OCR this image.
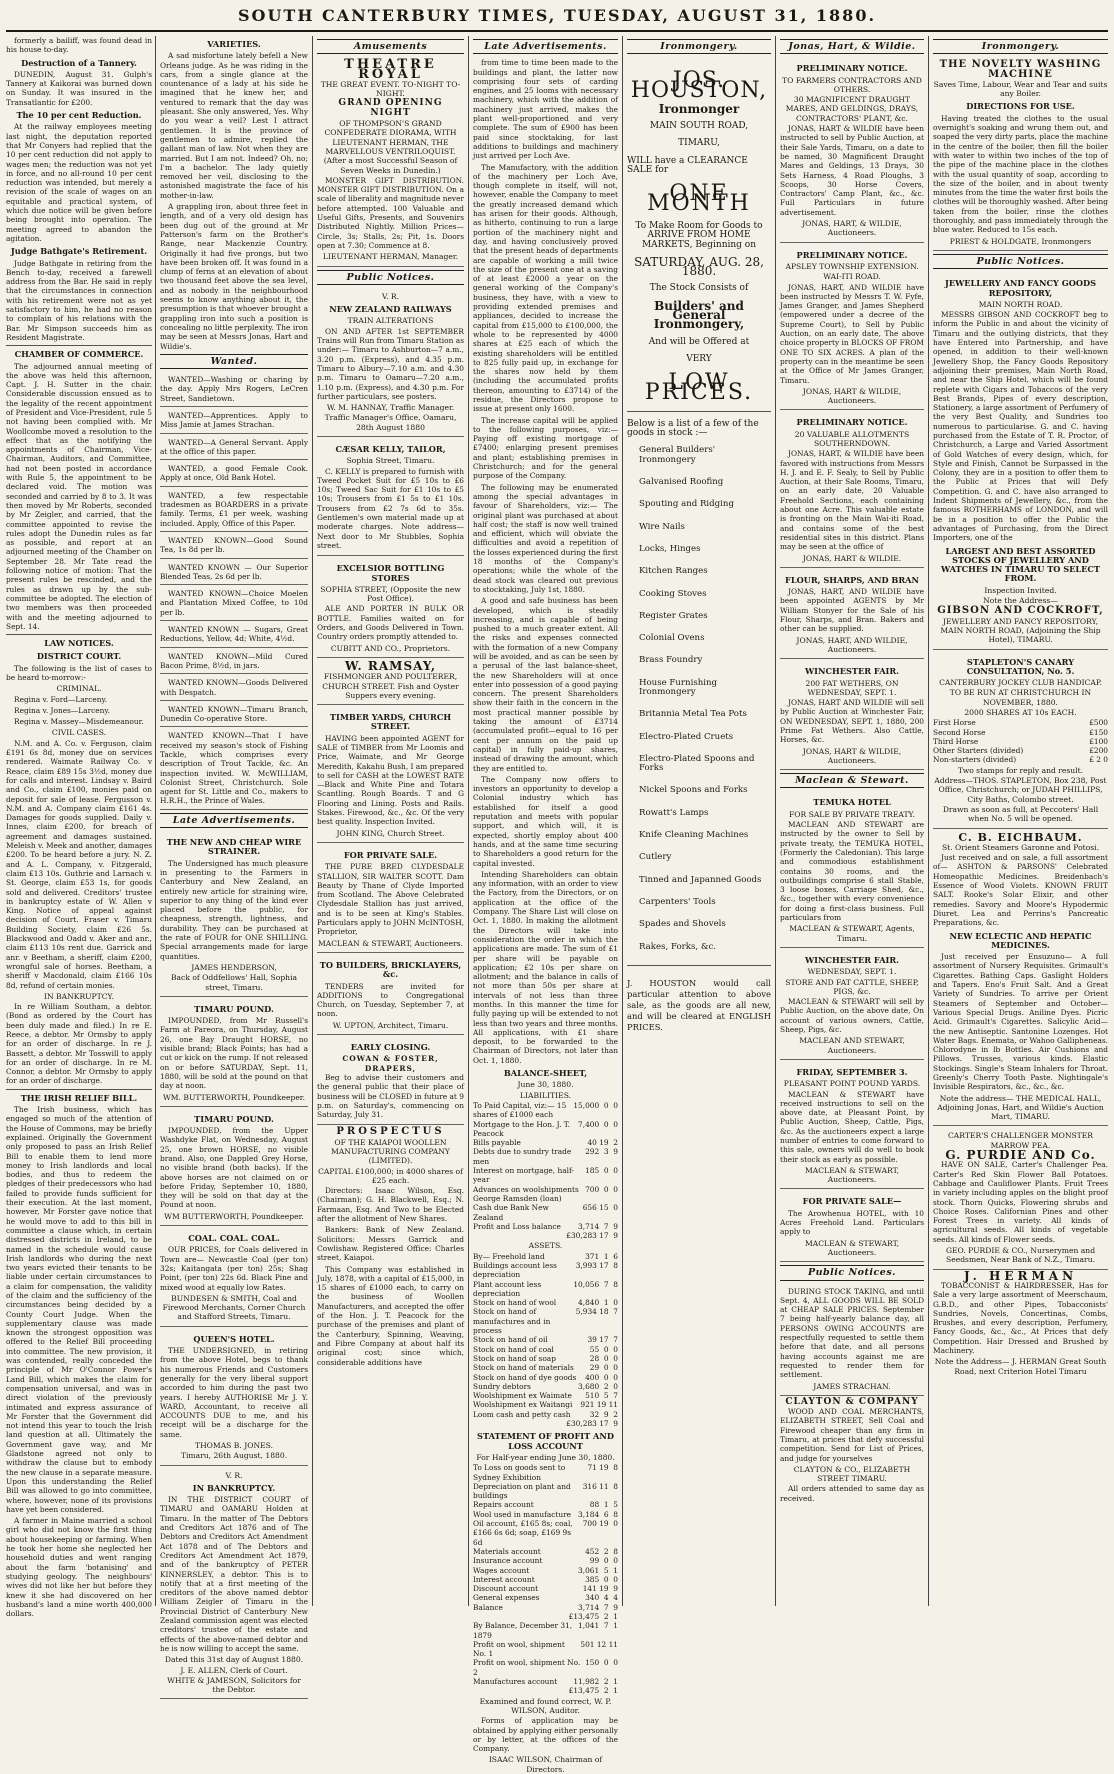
SOUTH CANTERBURY TIMES, TUESDAY, AUGUST 31, 1880.
formerly a bailiff, was found dead in his house to-day.
Destruction of a Tannery.
DUNEDIN, August 31. Gulph's Tannery at Kaikorai was burned down on Sunday. It was insured in the Transatlantic for £200.
The 10 per cent Reduction.
At the railway employees meeting last night, the deputation reported that Mr Conyers had replied that the 10 per cent reduction did not apply to wages men; the reduction was not yet in force, and no all-round 10 per cent reduction was intended, but merely a revision of the scale of wages on an equitable and practical system, of which due notice will be given before being brought into operation. The meeting agreed to abandon the agitation.
Judge Bathgate's Retirement.
Judge Bathgate in retiring from the Bench to-day, received a farewell address from the Bar. He said in reply that the circumstances in connection with his retirement were not as yet satisfactory to him, he had no reason to complain of his relations with the Bar. Mr Simpson succeeds him as Resident Magistrate.
CHAMBER OF COMMERCE.
The adjourned annual meeting of the above was held this afternoon, Capt. J. H. Sutter in the chair. Considerable discussion ensued as to the legality of the recent appointment of President and Vice-President, rule 5 not having been complied with. Mr Woollcombe moved a resolution to the effect that as the notifying the appointments of Chairman, Vice-Chairman, Auditors, and Committee, had not been posted in accordance with Rule 5, the appointment to be declared void. The motion was seconded and carried by 8 to 3. It was then moved by Mr Roberts, seconded by Mr Zeigler, and carried, that the committee appointed to revise the rules adopt the Dunedin rules as far as possible, and report at an adjourned meeting of the Chamber on September 28. Mr Tate read the following notice of motion: That the present rules be rescinded, and the rules as drawn up by the sub-committee be adopted. The election of two members was then proceeded with and the meeting adjourned to Sept. 14.
LAW NOTICES.
DISTRICT COURT.
The following is the list of cases to be heard to-morrow:-
CRIMINAL.
Regina v. Ford—Larceny.
Regina v. Jones—Larceny.
Regina v. Massey—Misdemeanour.
CIVIL CASES.
N.M. and A. Co. v. Ferguson, claim £191 6s 8d, money due on services rendered. Waimate Railway Co. v Reace, claim £89 15s 3½d, money due for calls and interest. Lindsay v. Baird and Co., claim £100, monies paid on deposit for sale of lease. Fergusson v. N.M. and A. Company claim £161 4s. Damages for goods supplied. Daily v. Innes, claim £200, for breach of agreement and damages sustained. Meleish v. Meek and another, damages £200. To be heard before a jury. N. Z. and A. L. Company, v. Fitzgerald, claim £13 10s. Guthrie and Larnach v. St. George, claim £53 1s, for goods sold and delivered. Creditors' trustee in bankruptcy estate of W. Allen v King. Notice of appeal against decision of Court. Fraser v. Timaru Building Society, claim £26 5s. Blackwood and Oadd v. Aker and anr., claim £113 10s rent due. Garrick and anr. v Beetham, a sheriff, claim £200, wrongful sale of horses. Beetham, a sheriff v Macdonald, claim £166 10s 8d, refund of certain monies.
IN BANKRUPTCY.
In re William Southam, a debtor. (Bond as ordered by the Court has been duly made and filed.) In re E. Reece, a debtor. Mr Ormsby to apply for an order of discharge. In re J. Bassett, a debtor. Mr Tosswill to apply for an order of discharge. In re M. Connor, a debtor. Mr Ormsby to apply for an order of discharge.
THE IRISH RELIEF BILL.
The Irish business, which has engaged so much of the attention of the House of Commons, may be briefly explained. Originally the Government only proposed to pass an Irish Relief Bill to enable them to lend more money to Irish landlords and local bodies, and thus to redeem the pledges of their predecessors who had failed to provide funds sufficient for their execution. At the last moment, however, Mr Forster gave notice that he would move to add to this bill in committee a clause which, in certain distressed districts in Ireland, to be named in the schedule would cause Irish landlords who during the next two years evicted their tenants to be liable under certain circumstances to a claim for compensation, the validity of the claim and the sufficiency of the circumstances being decided by a County Court Judge. When the supplementary clause was made known the strongest opposition was offered to the Relief Bill proceeding into committee. The new provision, it was contended, really conceded the principle of Mr O'Connor Power's Land Bill, which makes the claim for compensation universal, and was in direct violation of the previously intimated and express assurance of Mr Forster that the Government did not intend this year to touch the Irish land question at all. Ultimately the Government gave way, and Mr Gladstone agreed not only to withdraw the clause but to embody the new clause in a separate measure. Upon this understanding the Relief Bill was allowed to go into committee, where, however, none of its provisions have yet been considered.
A farmer in Maine married a school girl who did not know the first thing about housekeeping or farming. When he took her home she neglected her household duties and went ranging about the farm 'botanising' and studying geology. The neighbours' wives did not like her but before they knew it she had discovered on her husband's land a mine worth 400,000 dollars.
VARIETIES.
A sad misfortune lately befell a New Orleans judge. As he was riding in the cars, from a single glance at the countenance of a lady at his side he imagined that he knew her, and ventured to remark that the day was pleasant. She only answered, Yes. Why do you wear a veil? Lest I attract gentlemen. It is the province of gentlemen to admire, replied the gallant man of law. Not when they are married. But I am not. Indeed? Oh, no; I'm a bachelor. The lady quietly removed her veil, disclosing to the astonished magistrate the face of his mother-in-law.
A grappling iron, about three feet in length, and of a very old design has been dug out of the ground at Mr Patterson's farm on the Brother's Range, near Mackenzie Country. Originally it had five prongs, but two have been broken off. It was found in a clump of ferns at an elevation of about two thousand feet above the sea level, and as nobody in the neighbourhood seems to know anything about it, the presumption is that whoever brought a grappling iron into such a position is concealing no little perplexity. The iron may be seen at Messrs Jonas, Hart and Wildie's.
Wanted.
WANTED—Washing or charing by the day. Apply Mrs Rogers, LeCren Street, Sandietown.
WANTED—Apprentices. Apply to Miss Jamie at James Strachan.
WANTED—A General Servant. Apply at the office of this paper.
WANTED, a good Female Cook. Apply at once, Old Bank Hotel.
WANTED, a few respectable tradesmen as BOARDERS in a private family. Terms, £1 per week, washing included. Apply, Office of this Paper.
WANTED KNOWN—Good Sound Tea, 1s 8d per lb.
WANTED KNOWN — Our Superior Blended Teas, 2s 6d per lb.
WANTED KNOWN—Choice Moelen and Plantation Mixed Coffee, to 10d per lb.
WANTED KNOWN — Sugars, Great Reductions, Yellow, 4d; White, 4½d.
WANTED KNOWN—Mild Cured Bacon Prime, 8½d, in jars.
WANTED KNOWN—Goods Delivered with Despatch.
WANTED KNOWN—Timaru Branch, Dunedin Co-operative Store.
WANTED KNOWN—That I have received my season's stock of Fishing Tackle, which comprises every description of Trout Tackle, &c. An inspection invited. W. McWILLIAM, Colonist Street, Christchurch. Sole agent for St. Little and Co., makers to H.R.H., the Prince of Wales.
Late Advertisements.
THE NEW AND CHEAP WIRE STRAINER.
The Undersigned has much pleasure in presenting to the Farmers in Canterbury and New Zealand, an entirely new article for straining wire, superior to any thing of the kind ever placed before the public, for cheapness, strength, lightness, and durability. They can be purchased at the rate of FOUR for ONE SHILLING. Special arrangements made for large quantities.
JAMES HENDERSON,
Back of Oddfellows' Hall, Sophia street, Timaru.
TIMARU POUND.
IMPOUNDED, from Mr Russell's Farm at Pareora, on Thursday, August 26, one Bay Draught HORSE, no visible brand; Black Points; has had a cut or kick on the rump. If not released on or before SATURDAY, Sept. 11, 1880, will be sold at the pound on that day at noon.
WM. BUTTERWORTH, Poundkeeper.
TIMARU POUND.
IMPOUNDED, from the Upper Washdyke Flat, on Wednesday, August 25, one brown HORSE, no visible brand. Also, one Dappled Grey Horse, no visible brand (both backs). If the above horses are not claimed on or before Friday, September 10, 1880, they will be sold on that day at the Pound at noon.
WM BUTTERWORTH, Poundkeeper.
COAL. COAL. COAL.
OUR PRICES, for Coals delivered in Town are— Newcastle Coal (per ton) 32s; Kaitangata (per ton) 25s; Shag Point, (per ton) 22s 6d. Black Pine and mixed wood at equally low Rates.
BUNDESEN & SMITH, Coal and Firewood Merchants, Corner Church and Stafford Streets, Timaru.
QUEEN'S HOTEL.
THE UNDERSIGNED, in retiring from the above Hotel, begs to thank his numerous Friends and Customers generally for the very liberal support accorded to him during the past two years. I hereby AUTHORISE Mr J. Y. WARD, Accountant, to receive all ACCOUNTS DUE to me, and his receipt will be a discharge for the same.
THOMAS B. JONES.
Timaru, 26th August, 1880.
V. R.
IN BANKRUPTCY.
IN THE DISTRICT COURT of TIMARU and OAMARU Holden at Timaru. In the matter of The Debtors and Creditors Act 1876 and of The Debtors and Creditors Act Amendment Act 1878 and of The Debtors and Creditors Act Amendment Act 1879, and of the bankruptcy of PETER KINNERSLEY, a debtor. This is to notify that at a first meeting of the creditors of the above named debtor William Zeigler of Timaru in the Provincial District of Canterbury New Zealand commission agent was elected creditors' trustee of the estate and effects of the above-named debtor and he is now willing to accept the same.
Dated this 31st day of August 1880.
J. E. ALLEN, Clerk of Court.
WHITE & JAMESON, Solicitors for the Debtor.
Amusements
THEATRE ROYAL
THE GREAT EVENT. TO-NIGHT TO-NIGHT.
GRAND OPENING NIGHT
OF THOMPSON'S GRAND CONFEDERATE DIORAMA, WITH LIEUTENANT HERMAN, THE MARVELLOUS VENTRILOQUIST. (After a most Successful Season of Seven Weeks in Dunedin.)
MONSTER GIFT DISTRIBUTION. MONSTER GIFT DISTRIBUTION. On a scale of liberality and magnitude never before attempted. 100 Valuable and Useful Gifts, Presents, and Souvenirs Distributed Nightly. Million Prices—Circle, 3s; Stalls, 2s; Pit, 1s. Doors open at 7.30; Commence at 8.
LIEUTENANT HERMAN, Manager.
Public Notices.
V. R.
NEW ZEALAND RAILWAYS
TRAIN ALTERATIONS
ON AND AFTER 1st SEPTEMBER Trains will Run from Timaru Station as under:— Timaru to Ashburton—7 a.m., 3.20 p.m. (Express), and 4.35 p.m. Timaru to Albury—7.10 a.m. and 4.30 p.m. Timaru to Oamaru—7.20 a.m., 1.10 p.m. (Express), and 4.30 p.m. For further particulars, see posters.
W. M. HANNAY, Traffic Manager.
Traffic Manager's Office, Oamaru, 28th August 1880
CÆSAR KELLY, TAILOR,
Sophia Street, Timaru.
C. KELLY is prepared to furnish with Tweed Pocket Suit for £5 10s to £6 10s; Tweed Sac Suit for £1 10s to £5 10s; Trousers from £1 5s to £1 10s. Trousers from £2 7s 6d to 35s. Gentlemen's own material made up at moderate charges. Note address—Next door to Mr Stubbles, Sophia street.
EXCELSIOR BOTTLING STORES
SOPHIA STREET, (Opposite the new Post Office).
ALE AND PORTER IN BULK OR BOTTLE. Families waited on for Orders, and Goods Delivered in Town. Country orders promptly attended to.
CUBITT AND CO., Proprietors.
W. RAMSAY,
FISHMONGER AND POULTERER, CHURCH STREET. Fish and Oyster Suppers every evening.
TIMBER YARDS, CHURCH STREET.
HAVING been appointed AGENT for SALE of TIMBER from Mr Loomis and Price, Waimate, and Mr George Meredith, Kakahu Bush, I am prepared to sell for CASH at the LOWEST RATE—Black and White Pine and Totara Scantling. Rough Boards. T and G Flooring and Lining. Posts and Rails. Stakes. Firewood, &c., &c. Of the very best quality. Inspection Invited.
JOHN KING, Church Street.
FOR PRIVATE SALE.
THE PURE BRED CLYDESDALE STALLION, SIR WALTER SCOTT. Dam Beauty by Thane of Clyde Imported from Scotland. The Above Celebrated Clydesdale Stallion has just arrived, and is to be seen at King's Stables. Particulars apply to JOHN McINTOSH, Proprietor,
MACLEAN & STEWART, Auctioneers.
TO BUILDERS, BRICKLAYERS, &c.
TENDERS are invited for ADDITIONS to Congregational Church, on Tuesday, September 7, at noon.
W. UPTON, Architect, Timaru.
EARLY CLOSING.
COWAN & FOSTER, DRAPERS,
Beg to advise their customers and the general public that their place of business will be CLOSED in future at 9 p.m. on Saturday's, commencing on Saturday, July 31.
PROSPECTUS
OF THE KAIAPOI WOOLLEN MANUFACTURING COMPANY (LIMITED).
CAPITAL £100,000; in 4000 shares of £25 each.
Directors: Isaac Wilson, Esq. (Chairman); G. H. Blackwell, Esq.; N. Farmaan, Esq. And Two to be Elected after the allotment of New Shares.
Bankers: Bank of New Zealand. Solicitors: Messrs Garrick and Cowlishaw. Registered Office: Charles street, Kaiapoi.
This Company was established in July, 1878, with a capital of £15,000, in 15 shares of £1000 each, to carry on the business of Woollen Manufacturers, and accepted the offer of the Hon. J. T. Peacock for the purchase of the premises and plant of the Canterbury, Spinning, Weaving, and Fibre Company at about half its original cost; since which, considerable additions have
Late Advertisements.
from time to time been made to the buildings and plant, the latter now comprising four sets of carding engines, and 25 looms with necessary machinery, which with the addition of machinery just arrived, makes the plant well-proportioned and very complete. The sum of £900 has been paid since stocktaking, for last additions to buildings and machinery just arrived per Loch Ave.
The Manufactory, with the addition of the machinery per Loch Ave, though complete in itself, will not, however, enable the Company to meet the greatly increased demand which has arisen for their goods. Although, as hitherto, continuing to run a large portion of the machinery night and day, and having conclusively proved that the present heads of departments are capable of working a mill twice the size of the present one at a saving of at least £2000 a year on the general working of the Company's business, they have, with a view to providing extended premises and appliances, decided to increase the capital from £15,000 to £100,000, the whole to be represented by 4000 shares at £25 each of which the existing shareholders will be entitled to 825 fully paid up, in exchange for the shares now held by them (including the accumulated profits thereon, amounting to £3714) of the residue, the Directors propose to issue at present only 1600.
The increase capital will be applied to the following purposes, viz:— Paying off existing mortgage of £7400; enlarging present premises and plant; establishing premises in Christchurch; and for the general purpose of the Company.
The following may be enumerated among the special advantages in favour of Shareholders, viz:— The original plant was purchased at about half cost; the staff is now well trained and efficient, which will obviate the difficulties and avoid a repetition of the losses experienced during the first 18 months of the Company's operations; while the whole of the dead stock was cleared out previous to stocktaking, July 1st, 1880.
A good and safe business has been developed, which is steadily increasing, and is capable of being pushed to a much greater extent. All the risks and expenses connected with the formation of a new Company will be avoided, and as can be seen by a perusal of the last balance-sheet, the new Shareholders will at once enter into possession of a good paying concern. The present Shareholders show their faith in the concern in the most practical manner possible by taking the amount of £3714 (accumulated profit—equal to 16 per cent per annum on the paid up capital) in fully paid-up shares, instead of drawing the amount, which they are entitled to.
The Company now offers to investors an opportunity to develop a Colonial industry which has established for itself a good reputation and meets with popular support, and which will, it is expected, shortly employ about 400 hands, and at the same time securing to Shareholders a good return for the capital invested.
Intending Shareholders can obtain any information, with an order to view the Factory, from the Directors, or on application at the office of the Company. The Share List will close on Oct. 1, 1880. In making the allotment the Directors will take into consideration the order in which the applications are made. The sum of £1 per share will be payable on application; £2 10s per share on allotment; and the balance in calls of not more than 50s per share at intervals of not less than three months. In this manner the time for fully paying up will be extended to not less than two years and three months. All applications, with £1 share deposit, to be forwarded to the Chairman of Directors, not later than Oct. 1, 1880.
BALANCE-SHEET,
June 30, 1880.
LIABILITIES.
To Paid Capital, viz:— 15 shares of £1000 each
15,000  0  0
Mortgage to the Hon. J. T. Peacock
7,400  0  0
Bills payable	40 19  2
Debts due to sundry trade men
292  3  9
Interest on mortgage, half-year
185  0  0
Advances on woolshipments George Ramsden (loan)
700  0  0
Cash due Bank New Zealand
656 15  0
Profit and Loss balance	3,714  7  9
£30,283 17  9
ASSETS.
By— Freehold land	371  1  6
Buildings account less depreciation
3,993 17  8
Plant account less depreciation
10,056  7  8
Stock on hand of wool	4,840  1  0
Stock on hand of manufactures and in process
5,934 18  7
Stock on hand of oil	39 17  7
Stock on hand of coal	55  0  0
Stock on hand of soap	28  0  0
Stock on hand of materials	29  0  0
Stock on hand of dye goods	400  0  0
Sundry debtors	3,680  2  0
Woolshipment ex Waimate	510  5  7
Woolshipment ex Waitangi	921 19 11
Loom cash and petty cash	32  9  2
£30,283 17  9
STATEMENT OF PROFIT AND LOSS ACCOUNT
For Half-year ending June 30, 1880.
To Loss on goods sent to Sydney Exhibition
71 19  8
Depreciation on plant and buildings
316 11  8
Repairs account	88  1  5
Wool used in manufacture 3,184  6  8
Oil account, £165 8s; coal, £166 6s 6d; soap, £169 9s 6d
700 19  0
Materials account	452  2  8
Insurance account	99  0  0
Wages account	3,061  5  1
Interest account	385  0  0
Discount account	141 19  9
General expenses	340  4  4
Balance	3,714  7  9
£13,475  2  1
By Balance, December 31, 1879
1,041  7  1
Profit on wool, shipment No. 1
501 12 11
Profit on wool, shipment No. 2
150  0  0
Manufactures account	11,982  2  1
£13,475  2  1
Examined and found correct, W. P. WILSON, Auditor.
Forms of application may be obtained by applying either personally or by letter, at the offices of the Company.
ISAAC WILSON, Chairman of Directors.
Ironmongery.
JOS. HOUSTON,
Ironmonger
MAIN SOUTH ROAD,
TIMARU,
WILL have a CLEARANCE SALE for
ONE MONTH
To Make Room for Goods to ARRIVE FROM HOME MARKETS, Beginning on
SATURDAY, AUG. 28, 1880.
The Stock Consists of
Builders' and General Ironmongery,
And will be Offered at
VERY
LOW PRICES.
Below is a list of a few of the goods in stock :—
General Builders' Ironmongery
Galvanised Roofing
Spouting and Ridging
Wire Nails
Locks, Hinges
Kitchen Ranges
Cooking Stoves
Register Grates
Colonial Ovens
Brass Foundry
House Furnishing Ironmongery
Britannia Metal Tea Pots
Electro-Plated Cruets
Electro-Plated Spoons and Forks
Nickel Spoons and Forks
Rowatt's Lamps
Knife Cleaning Machines
Cutlery
Tinned and Japanned Goods
Carpenters' Tools
Spades and Shovels
Rakes, Forks, &c.
J. HOUSTON would call particular attention to above sale, as the goods are all new, and will be cleared at ENGLISH PRICES.
Jonas, Hart, & Wildie.
PRELIMINARY NOTICE.
TO FARMERS CONTRACTORS AND OTHERS.
30 MAGNIFICENT DRAUGHT MARES, AND GELDINGS, DRAYS, CONTRACTORS' PLANT, &c.
JONAS, HART & WILDIE have been instructed to sell by Public Auction, at their Sale Yards, Timaru, on a date to be named, 30 Magnificent Draught Mares and Geldings, 13 Drays, 30 Sets Harness, 4 Road Ploughs, 3 Scoops, 30 Horse Covers, Contractors' Camp Plant, &c., &c. Full Particulars in future advertisement.
JONAS, HART, & WILDIE, Auctioneers.
PRELIMINARY NOTICE.
APSLEY TOWNSHIP EXTENSION.
WAI-ITI ROAD.
JONAS, HART, AND WILDIE have been instructed by Messrs T. W. Fyfe, James Granger, and James Shepherd (empowered under a decree of the Supreme Court), to Sell by Public Auction, on an early date, The above choice property in BLOCKS OF FROM ONE TO SIX ACRES. A plan of the property can in the meantime be seen at the Office of Mr James Granger, Timaru.
JONAS, HART & WILDIE, Auctioneers.
PRELIMINARY NOTICE.
20 VALUABLE ALLOTMENTS SOUTHERNDOWN.
JONAS, HART, & WILDIE have been favored with instructions from Messrs H. J. and E. F. Sealy, to Sell by Public Auction, at their Sale Rooms, Timaru, on an early date, 20 Valuable Freehold Sections, each containing about one Acre. This valuable estate is fronting on the Main Wai-iti Road, and contains some of the best residential sites in this district. Plans may be seen at the office of
JONAS, HART & WILDIE.
FLOUR, SHARPS, AND BRAN
JONAS, HART, AND WILDIE have been appointed AGENTS by Mr William Stonyer for the Sale of his Flour, Sharps, and Bran. Bakers and other can be supplied.
JONAS, HART, AND WILDIE, Auctioneers.
WINCHESTER FAIR.
200 FAT WETHERS, ON WEDNESDAY, SEPT. 1.
JONAS, HART AND WILDIE will sell by Public Auction at Winchester Fair, ON WEDNESDAY, SEPT. 1, 1880, 200 Prime Fat Wethers. Also Cattle, Horses, &c.
JONAS, HART & WILDIE, Auctioneers.
Maclean & Stewart.
TEMUKA HOTEL
FOR SALE BY PRIVATE TREATY.
MACLEAN AND STEWART are instructed by the owner to Sell by private treaty, the TEMUKA HOTEL, (Formerly the Caledonian). This large and commodious establishment contains 30 rooms, and the outbuildings comprise 6 stall Stable, 3 loose boxes, Carriage Shed, &c., &c., together with every convenience for doing a first-class business. Full particulars from
MACLEAN & STEWART, Agents, Timaru.
WINCHESTER FAIR.
WEDNESDAY, SEPT. 1.
STORE AND FAT CATTLE, SHEEP, PIGS, &c.
MACLEAN & STEWART will sell by Public Auction, on the above date, On account of various owners, Cattle, Sheep, Pigs, &c.
MACLEAN AND STEWART, Auctioneers.
FRIDAY, SEPTEMBER 3.
PLEASANT POINT POUND YARDS.
MACLEAN & STEWART have received instructions to sell on the above date, at Pleasant Point, by Public Auction, Sheep, Cattle, Pigs, &c. As the auctioneers expect a large number of entries to come forward to this sale, owners will do well to book their stock as early as possible.
MACLEAN & STEWART, Auctioneers.
FOR PRIVATE SALE—
The Arowhenua HOTEL, with 10 Acres Freehold Land. Particulars apply to
MACLEAN & STEWART, Auctioneers.
Public Notices.
DURING STOCK TAKING, and until Sept. 4, ALL GOODS WILL BE SOLD at CHEAP SALE PRICES. September 7 being half-yearly balance day, all PERSONS OWING ACCOUNTS are respectfully requested to settle them before that date, and all persons having accounts against me are requested to render them for settlement.
JAMES STRACHAN.
CLAYTON & COMPANY
WOOD AND COAL MERCHANTS, ELIZABETH STREET, Sell Coal and Firewood cheaper than any firm in Timaru, at prices that defy successful competition. Send for List of Prices, and judge for yourselves
CLAYTON & CO., ELIZABETH STREET TIMARU.
All orders attended to same day as received.
Ironmongery.
THE NOVELTY WASHING MACHINE
Saves Time, Labour, Wear and Tear and suits any Boiler.
DIRECTIONS FOR USE.
Having treated the clothes to the usual overnight's soaking and wrung them out, and soaped the very dirty parts, place the machine in the centre of the boiler, then fill the boiler with water to within two inches of the top of the pipe of the machine place in the clothes with the usual quantity of soap, according to the size of the boiler, and in about twenty minutes from the time the water first boils the clothes will be thoroughly washed. After being taken from the boiler, rinse the clothes thoroughly, and pass immediately through the blue water. Reduced to 15s each.
PRIEST & HOLDGATE, Ironmongers
Public Notices.
JEWELLERY AND FANCY GOODS REPOSITORY,
MAIN NORTH ROAD.
MESSRS GIBSON AND COCKROFT beg to inform the Public in and about the vicinity of Timaru and the outlying districts, that they have Entered into Partnership, and have opened, in addition to their well-known Jewellery Shop, the Fancy Goods Repository adjoining their premises, Main North Road, and near the Ship Hotel, which will be found replete with Cigars and Tobaccos of the very Best Brands, Pipes of every description, Stationery, a large assortment of Perfumery of the very Best Quality, and Sundries too numerous to particularise. G. and C. having purchased from the Estate of T. R. Proctor, of Christchurch, a Large and Varied Assortment of Gold Watches of every design, which, for Style and Finish, Cannot be Surpassed in the Colony, they are in a position to offer them to the Public at Prices that will Defy Competition. G. and C. have also arranged to Indent Shipments of Jewellery, &c., from the famous ROTHERHAMS of LONDON, and will be in a position to offer the Public the advantages of Purchasing, from the Direct Importers, one of the
LARGEST AND BEST ASSORTED STOCKS OF JEWELLERY AND WATCHES IN TIMARU TO SELECT FROM.
Inspection Invited.
Note the Address—
GIBSON AND COCKROFT,
JEWELLERY AND FANCY REPOSITORY, MAIN NORTH ROAD, (Adjoining the Ship Hotel), TIMARU.
STAPLETON'S CANARY CONSULTATION, No. 5.
CANTERBURY JOCKEY CLUB HANDICAP.
TO BE RUN AT CHRISTCHURCH IN NOVEMBER, 1880.
2000 SHARES AT 10s EACH.
First Horse	£500
Second Horse	£150
Third Horse	£100
Other Starters (divided)	£200
Non-starters (divided)	£ 2 0
Two stamps for reply and result.
Address—THOS. STAPLETON, Box 238, Post Office, Christchurch; or JUDAH PHILLIPS, City Baths, Colombo street.
Drawn as soon as full, at Peccoters' Hall when No. 5 will be opened.
C. B. EICHBAUM.
St. Orient Steamers Garonne and Potosi.
Just received and on sale, a full assortment of— ASHTON & PARSONS' Celebrated Homeopathic Medicines. Breidenbach's Essence of Wood Violets. KNOWN FRUIT SALT. Rooke's Solar Elixir, and other remedies. Savory and Moore's Hypodermic Diuret. Lea and Perrins's Pancreatic Preparations, &c.
NEW ECLECTIC AND HEPATIC MEDICINES.
Just received per Ensuzuno— A full assortment of Nursery Requisites. Grimault's Cigarettes. Bathing Caps. Gaslight Holders and Tapers. Eno's Fruit Salt. And a Great Variety of Sundries. To arrive per Orient Steamers of September and October— Various Special Drugs. Aniline Dyes. Picric Acid. Grimault's Cigarettes. Salicylic Acid—the new Antiseptic. Santonine Lozenges. Hot Water Bags. Enemata, or Wahoo Gallipheneas. Chlorodyne in lb Bottles. Air Cushions and Pillows. Trusses, various kinds. Elastic Stockings. Single's Steam Inhalers for Throat. Greenly's Cherry Tooth Paste. Nightingale's Invisible Respirators, &c., &c., &c.
Note the address— THE MEDICAL HALL, Adjoining Jonas, Hart, and Wildie's Auction Mart, TIMARU.
CARTER'S CHALLENGER MONSTER MARROW PEA.
G. PURDIE AND Co.
HAVE ON SALE, Carter's Challenger Pea. Carter's Red Skin Flower Ball Potatoes. Cabbage and Cauliflower Plants. Fruit Trees in variety including apples on the blight proof stock. Thorn Quicks, Flowering shrubs and Choice Roses. Californian Pines and other Forest Trees in variety. All kinds of agricultural seeds. All kinds of vegetable seeds. All kinds of Flower seeds.
GEO. PURDIE & CO., Nurserymen and Seedsmen, Near Bank of N.Z., Timaru.
J. HERMAN
TOBACCONIST & HAIRDRESSER, Has for Sale a very large assortment of Meerschaum, G.B.D., and other Pipes, Tobacconists' Sundries, Novels, Concertinas, Combs, Brushes, and every description, Perfumery, Fancy Goods, &c., &c., At Prices that defy Competition. Hair Dressed and Brushed by Machinery.
Note the Address— J. HERMAN Great South Road, next Criterion Hotel Timaru
